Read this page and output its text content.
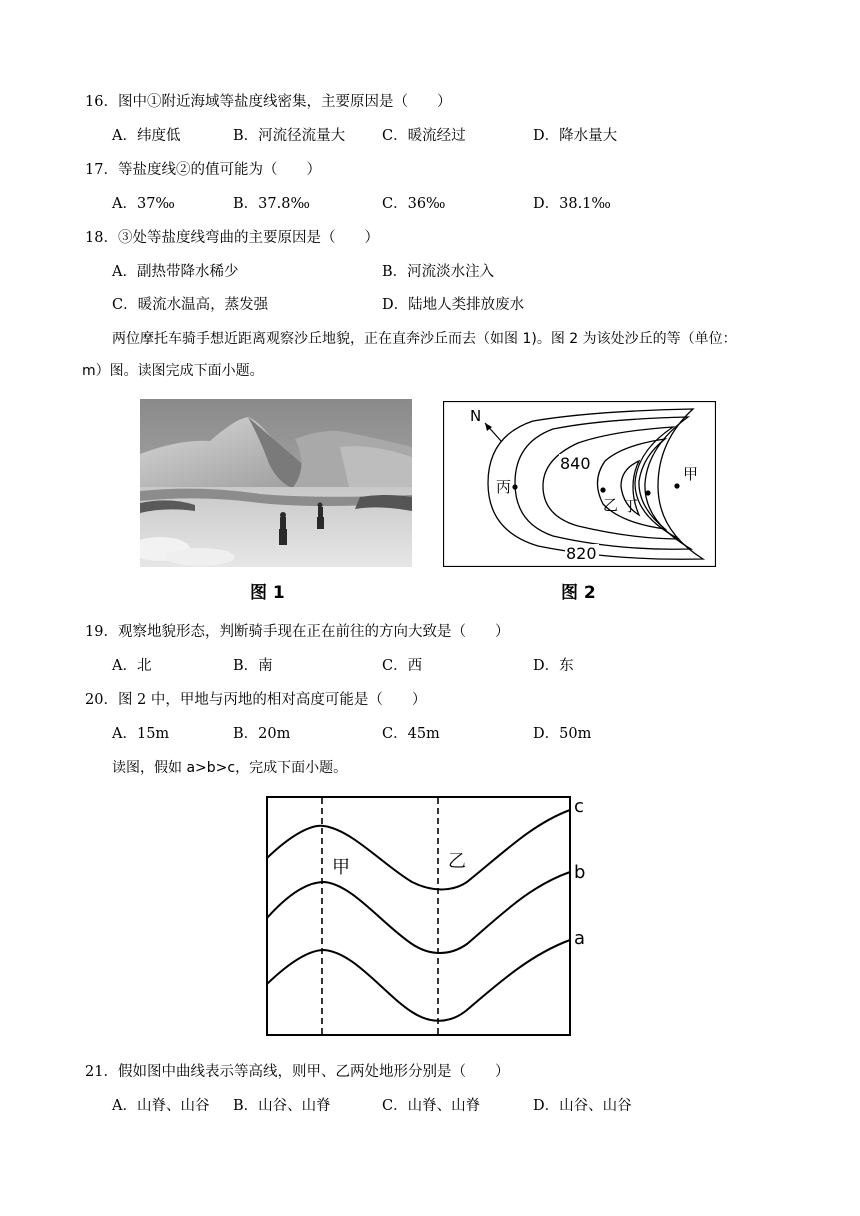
16．图中①附近海域等盐度线密集，主要原因是（　　）
A．纬度低	B．河流径流量大	C．暖流经过	D．降水量大
17．等盐度线②的值可能为（　　）
A．37‰	B．37.8‰	C．36‰	D．38.1‰
18．③处等盐度线弯曲的主要原因是（　　）
A．副热带降水稀少	B．河流淡水注入
C．暖流水温高，蒸发强	D．陆地人类排放废水
两位摩托车骑手想近距离观察沙丘地貌，正在直奔沙丘而去（如图 1)。图 2 为该处沙丘的等（单位：
m）图。读图完成下面小题。
图 1
N
丙
甲
乙 丁
840
820
图 2
19．观察地貌形态，判断骑手现在正在前往的方向大致是（　　）
A．北	B．南	C．西	D．东
20．图 2 中，甲地与丙地的相对高度可能是（　　）
A．15m	B．20m	C．45m	D．50m
读图，假如 a>b>c，完成下面小题。
甲	乙
c
b
a
21．假如图中曲线表示等高线，则甲、乙两处地形分别是（　　）
A．山脊、山谷 B．山谷、山脊	C．山脊、山脊	D．山谷、山谷
